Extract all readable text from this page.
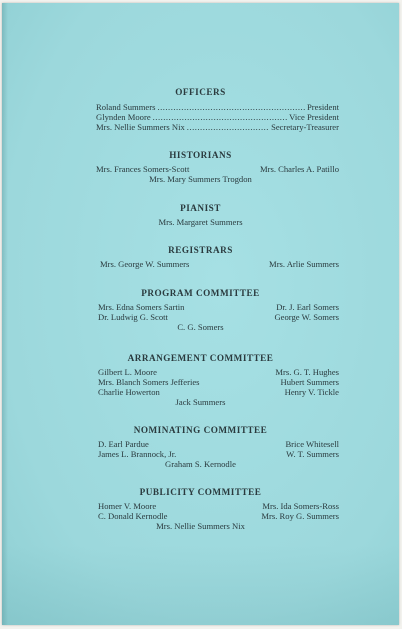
OFFICERS
Roland Summers .....	President
Glynden Moore .....	Vice President
Mrs. Nellie Summers Nix .....	Secretary-Treasurer
HISTORIANS
Mrs. Frances Somers-Scott	Mrs. Charles A. Patillo
Mrs. Mary Summers Trogdon
PIANIST
Mrs. Margaret Summers
REGISTRARS
Mrs. George W. Summers	Mrs. Arlie Summers
PROGRAM COMMITTEE
Mrs. Edna Somers Sartin	Dr. J. Earl Somers
Dr. Ludwig G. Scott	George W. Somers
C. G. Somers
ARRANGEMENT COMMITTEE
Gilbert L. Moore	Mrs. G. T. Hughes
Mrs. Blanch Somers Jefferies	Hubert Summers
Charlie Howerton	Henry V. Tickle
Jack Summers
NOMINATING COMMITTEE
D. Earl Pardue	Brice Whitesell
James L. Brannock, Jr.	W. T. Summers
Graham S. Kernodle
PUBLICITY COMMITTEE
Homer V. Moore	Mrs. Ida Somers-Ross
C. Donald Kernodle	Mrs. Roy G. Summers
Mrs. Nellie Summers Nix
